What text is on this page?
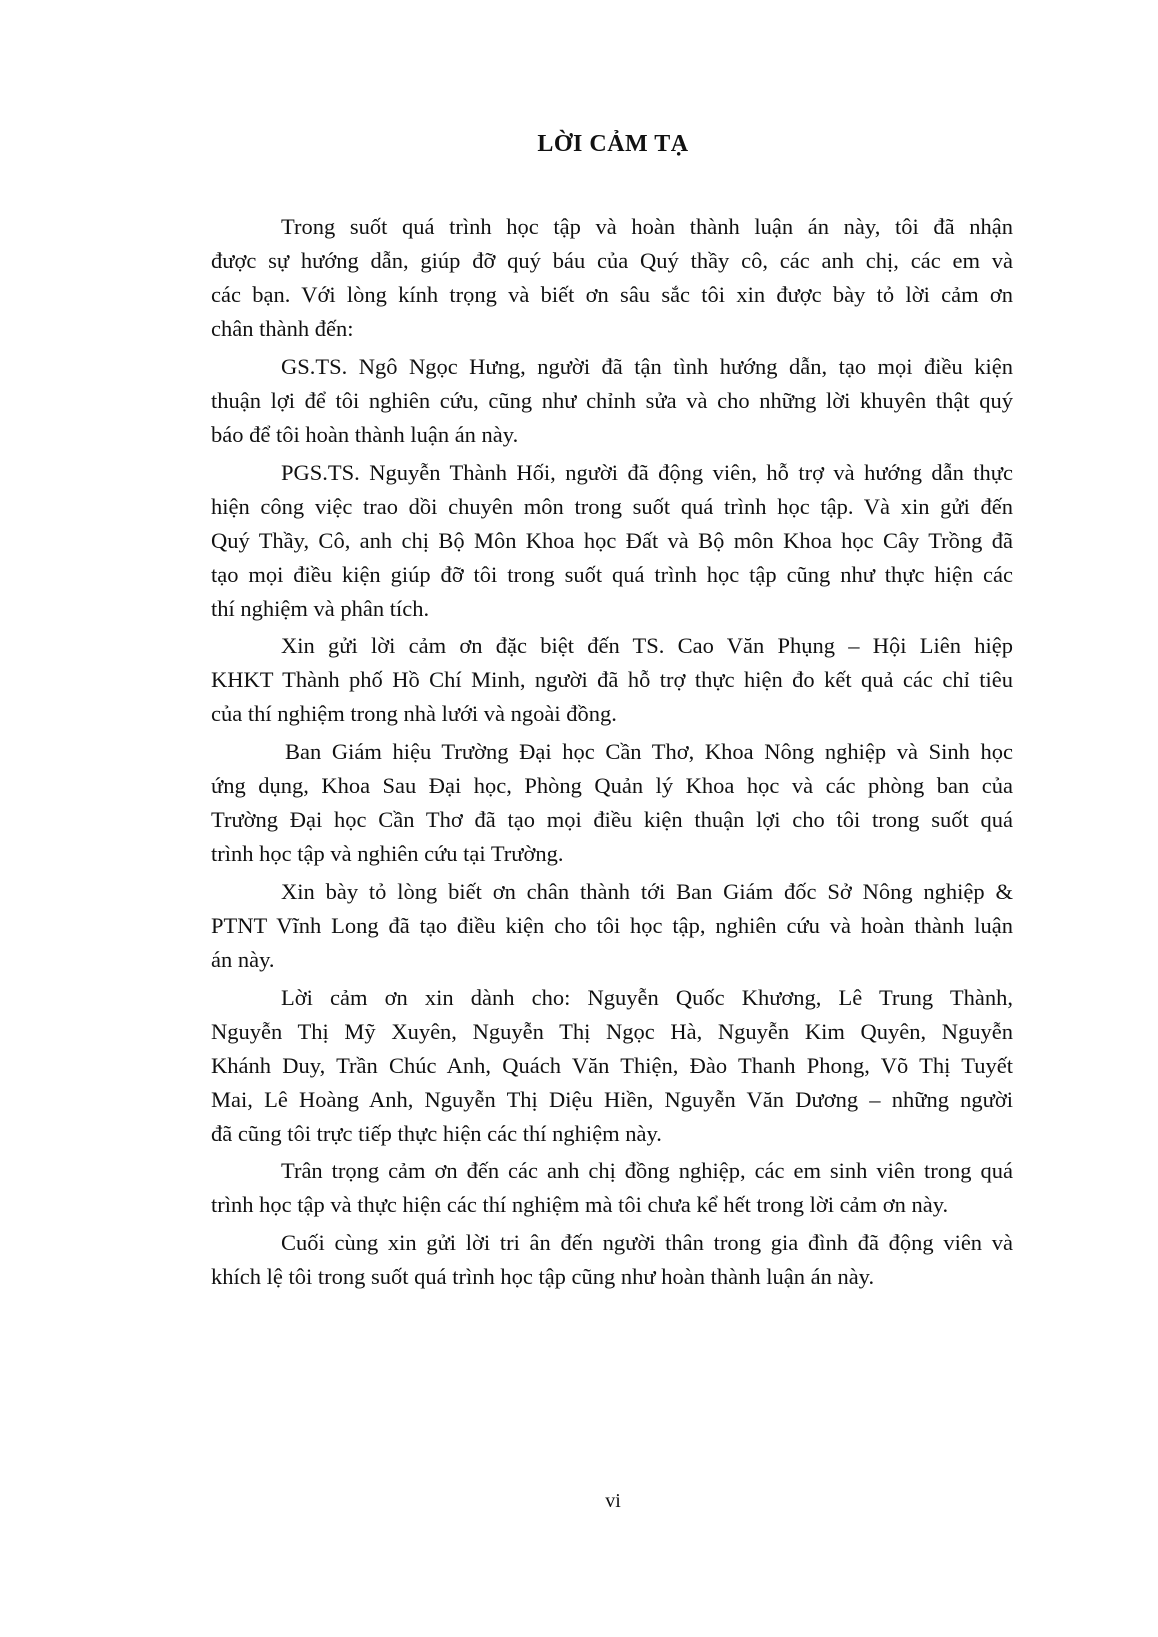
LỜI CẢM TẠ
Trong suốt quá trình học tập và hoàn thành luận án này, tôi đã nhận
được sự hướng dẫn, giúp đỡ quý báu của Quý thầy cô, các anh chị, các em và
các bạn. Với lòng kính trọng và biết ơn sâu sắc tôi xin được bày tỏ lời cảm ơn
chân thành đến:
GS.TS. Ngô Ngọc Hưng, người đã tận tình hướng dẫn, tạo mọi điều kiện
thuận lợi để tôi nghiên cứu, cũng như chỉnh sửa và cho những lời khuyên thật quý
báo để tôi hoàn thành luận án này.
PGS.TS. Nguyễn Thành Hối, người đã động viên, hỗ trợ và hướng dẫn thực
hiện công việc trao dồi chuyên môn trong suốt quá trình học tập. Và xin gửi đến
Quý Thầy, Cô, anh chị Bộ Môn Khoa học Đất và Bộ môn Khoa học Cây Trồng đã
tạo mọi điều kiện giúp đỡ tôi trong suốt quá trình học tập cũng như thực hiện các
thí nghiệm và phân tích.
Xin gửi lời cảm ơn đặc biệt đến TS. Cao Văn Phụng – Hội Liên hiệp
KHKT Thành phố Hồ Chí Minh, người đã hỗ trợ thực hiện đo kết quả các chỉ tiêu
của thí nghiệm trong nhà lưới và ngoài đồng.
Ban Giám hiệu Trường Đại học Cần Thơ, Khoa Nông nghiệp và Sinh học
ứng dụng, Khoa Sau Đại học, Phòng Quản lý Khoa học và các phòng ban của
Trường Đại học Cần Thơ đã tạo mọi điều kiện thuận lợi cho tôi trong suốt quá
trình học tập và nghiên cứu tại Trường.
Xin bày tỏ lòng biết ơn chân thành tới Ban Giám đốc Sở Nông nghiệp &
PTNT Vĩnh Long đã tạo điều kiện cho tôi học tập, nghiên cứu và hoàn thành luận
án này.
Lời cảm ơn xin dành cho: Nguyễn Quốc Khương, Lê Trung Thành,
Nguyễn Thị Mỹ Xuyên, Nguyễn Thị Ngọc Hà, Nguyễn Kim Quyên, Nguyễn
Khánh Duy, Trần Chúc Anh, Quách Văn Thiện, Đào Thanh Phong, Võ Thị Tuyết
Mai, Lê Hoàng Anh, Nguyễn Thị Diệu Hiền, Nguyễn Văn Dương – những người
đã cũng tôi trực tiếp thực hiện các thí nghiệm này.
Trân trọng cảm ơn đến các anh chị đồng nghiệp, các em sinh viên trong quá
trình học tập và thực hiện các thí nghiệm mà tôi chưa kể hết trong lời cảm ơn này.
Cuối cùng xin gửi lời tri ân đến người thân trong gia đình đã động viên và
khích lệ tôi trong suốt quá trình học tập cũng như hoàn thành luận án này.
vi
